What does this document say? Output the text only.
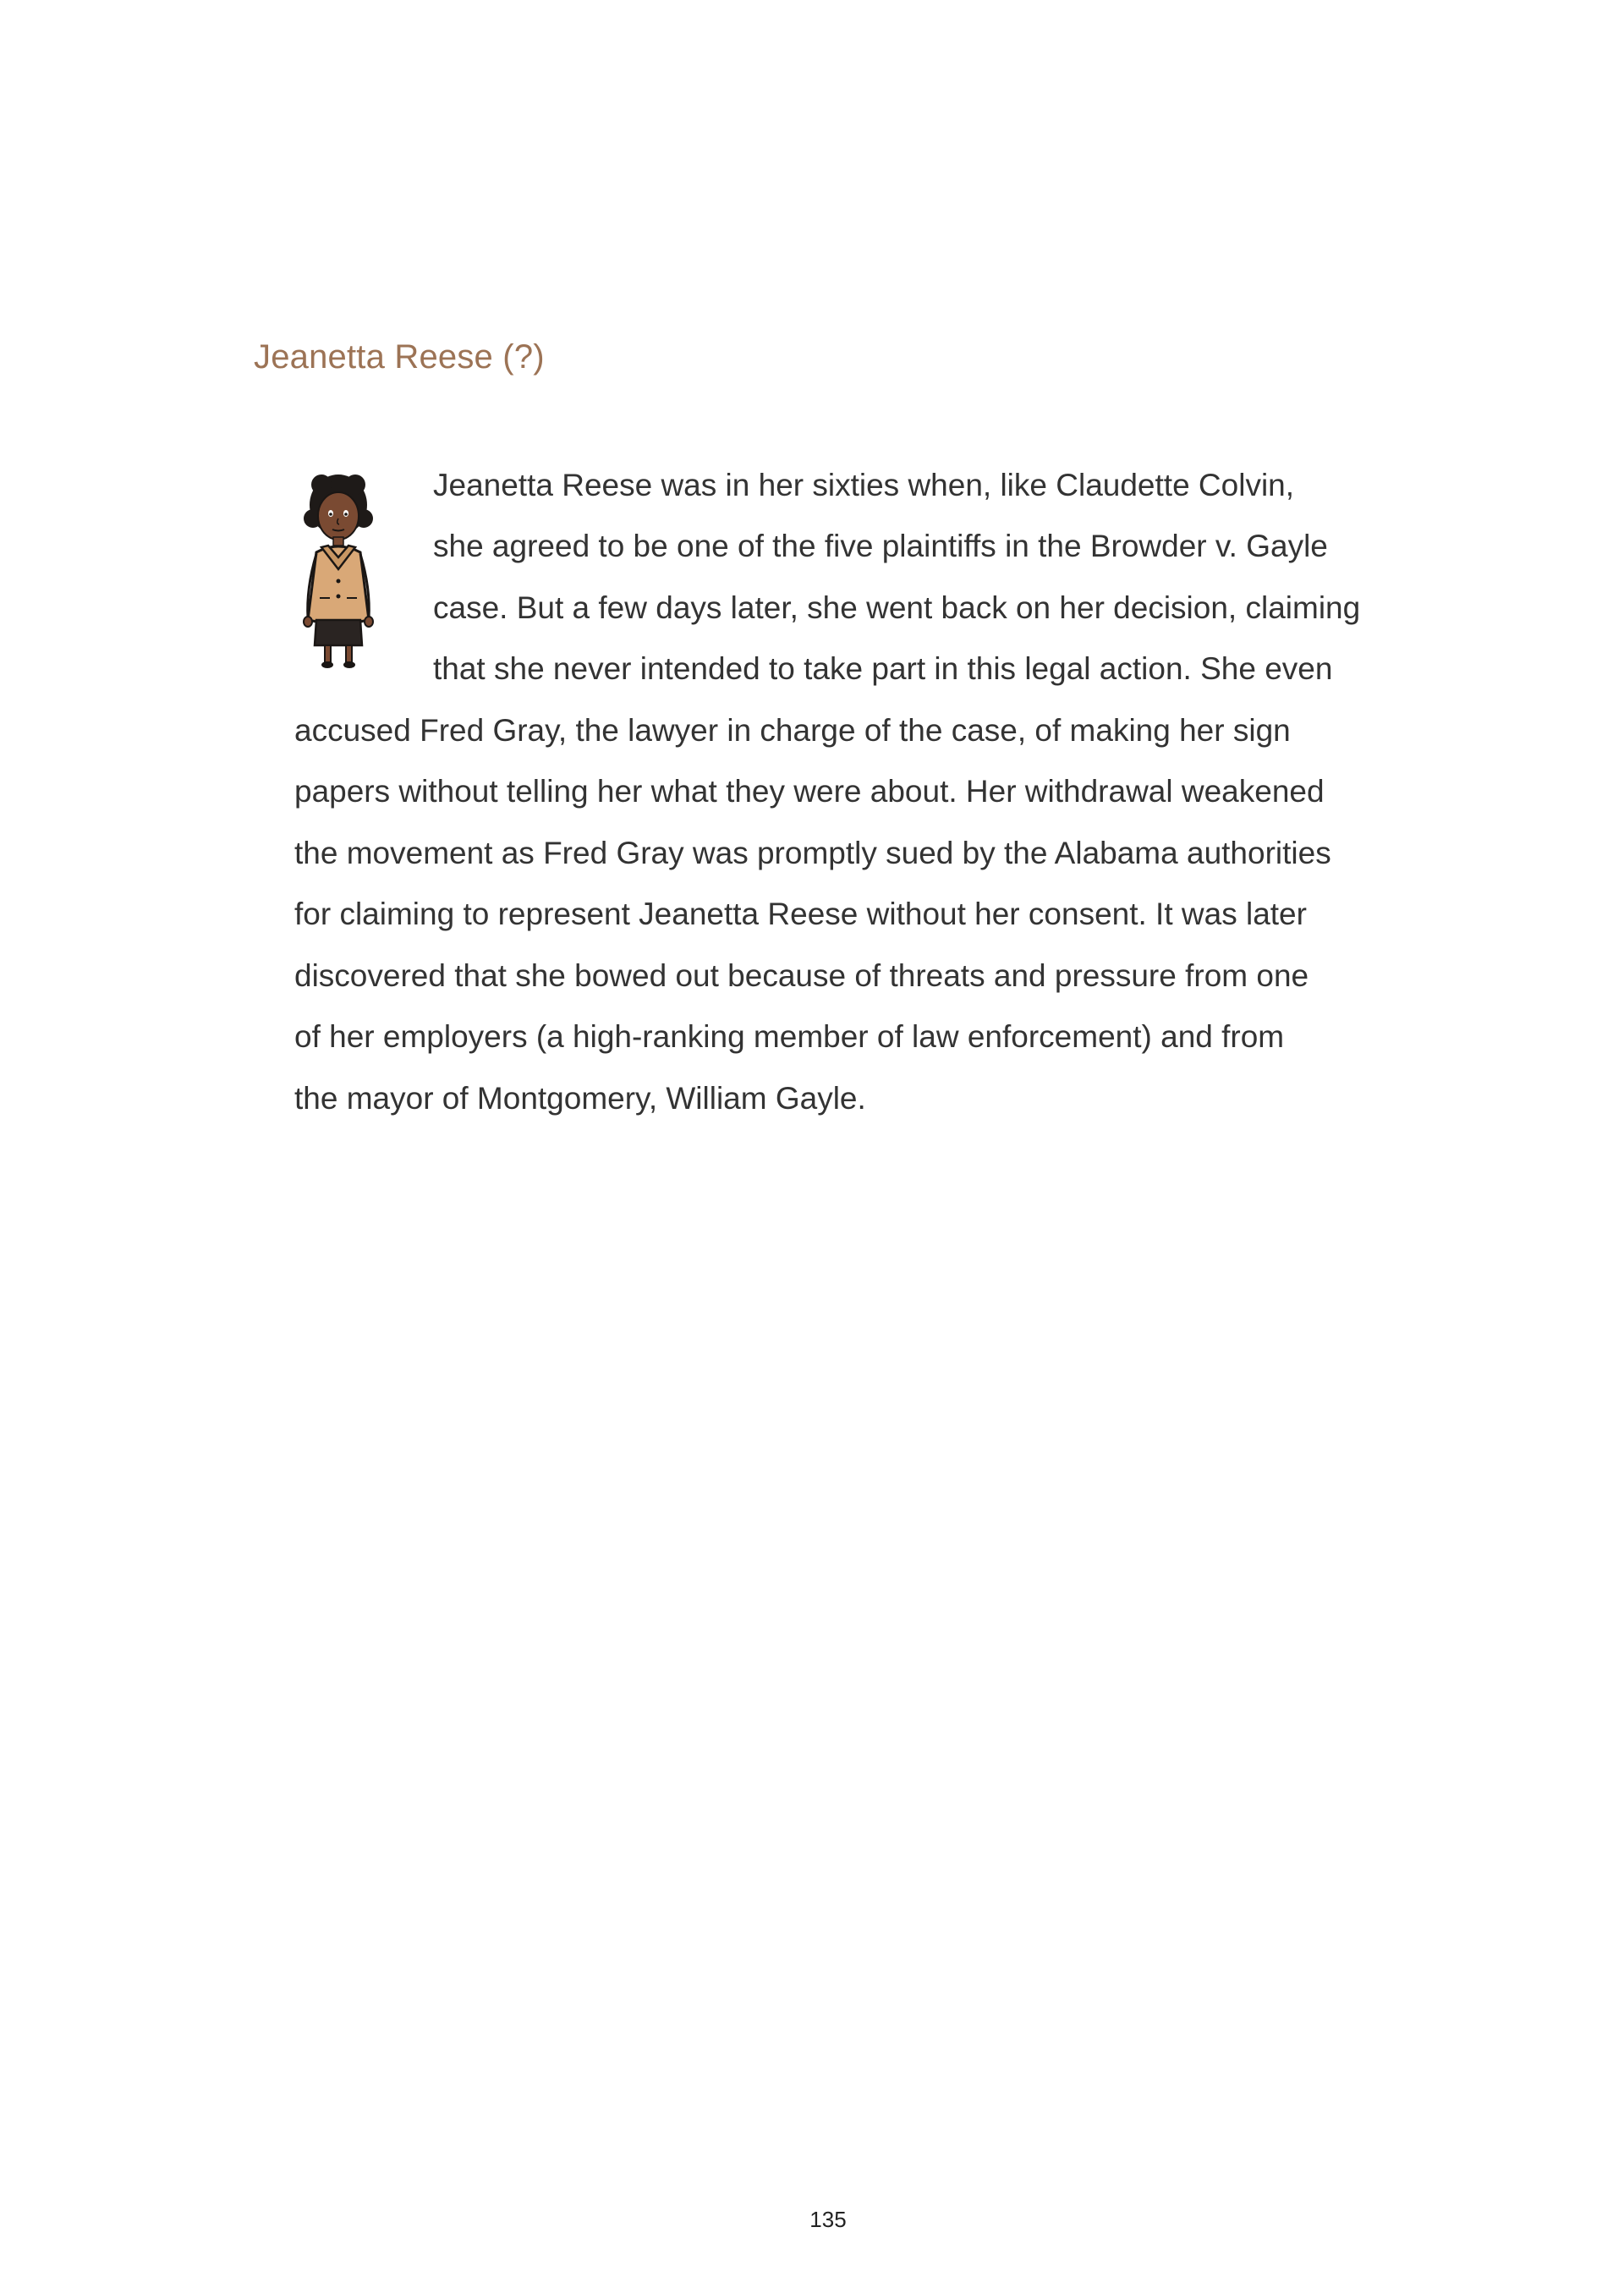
Jeanetta Reese (?)
Jeanetta Reese was in her sixties when, like Claudette Colvin,
she agreed to be one of the five plaintiffs in the Browder v. Gayle
case. But a few days later, she went back on her decision, claiming
that she never intended to take part in this legal action. She even
accused Fred Gray, the lawyer in charge of the case, of making her sign
papers without telling her what they were about. Her withdrawal weakened
the movement as Fred Gray was promptly sued by the Alabama authorities
for claiming to represent Jeanetta Reese without her consent. It was later
discovered that she bowed out because of threats and pressure from one
of her employers (a high-ranking member of law enforcement) and from
the mayor of Montgomery, William Gayle.
135
